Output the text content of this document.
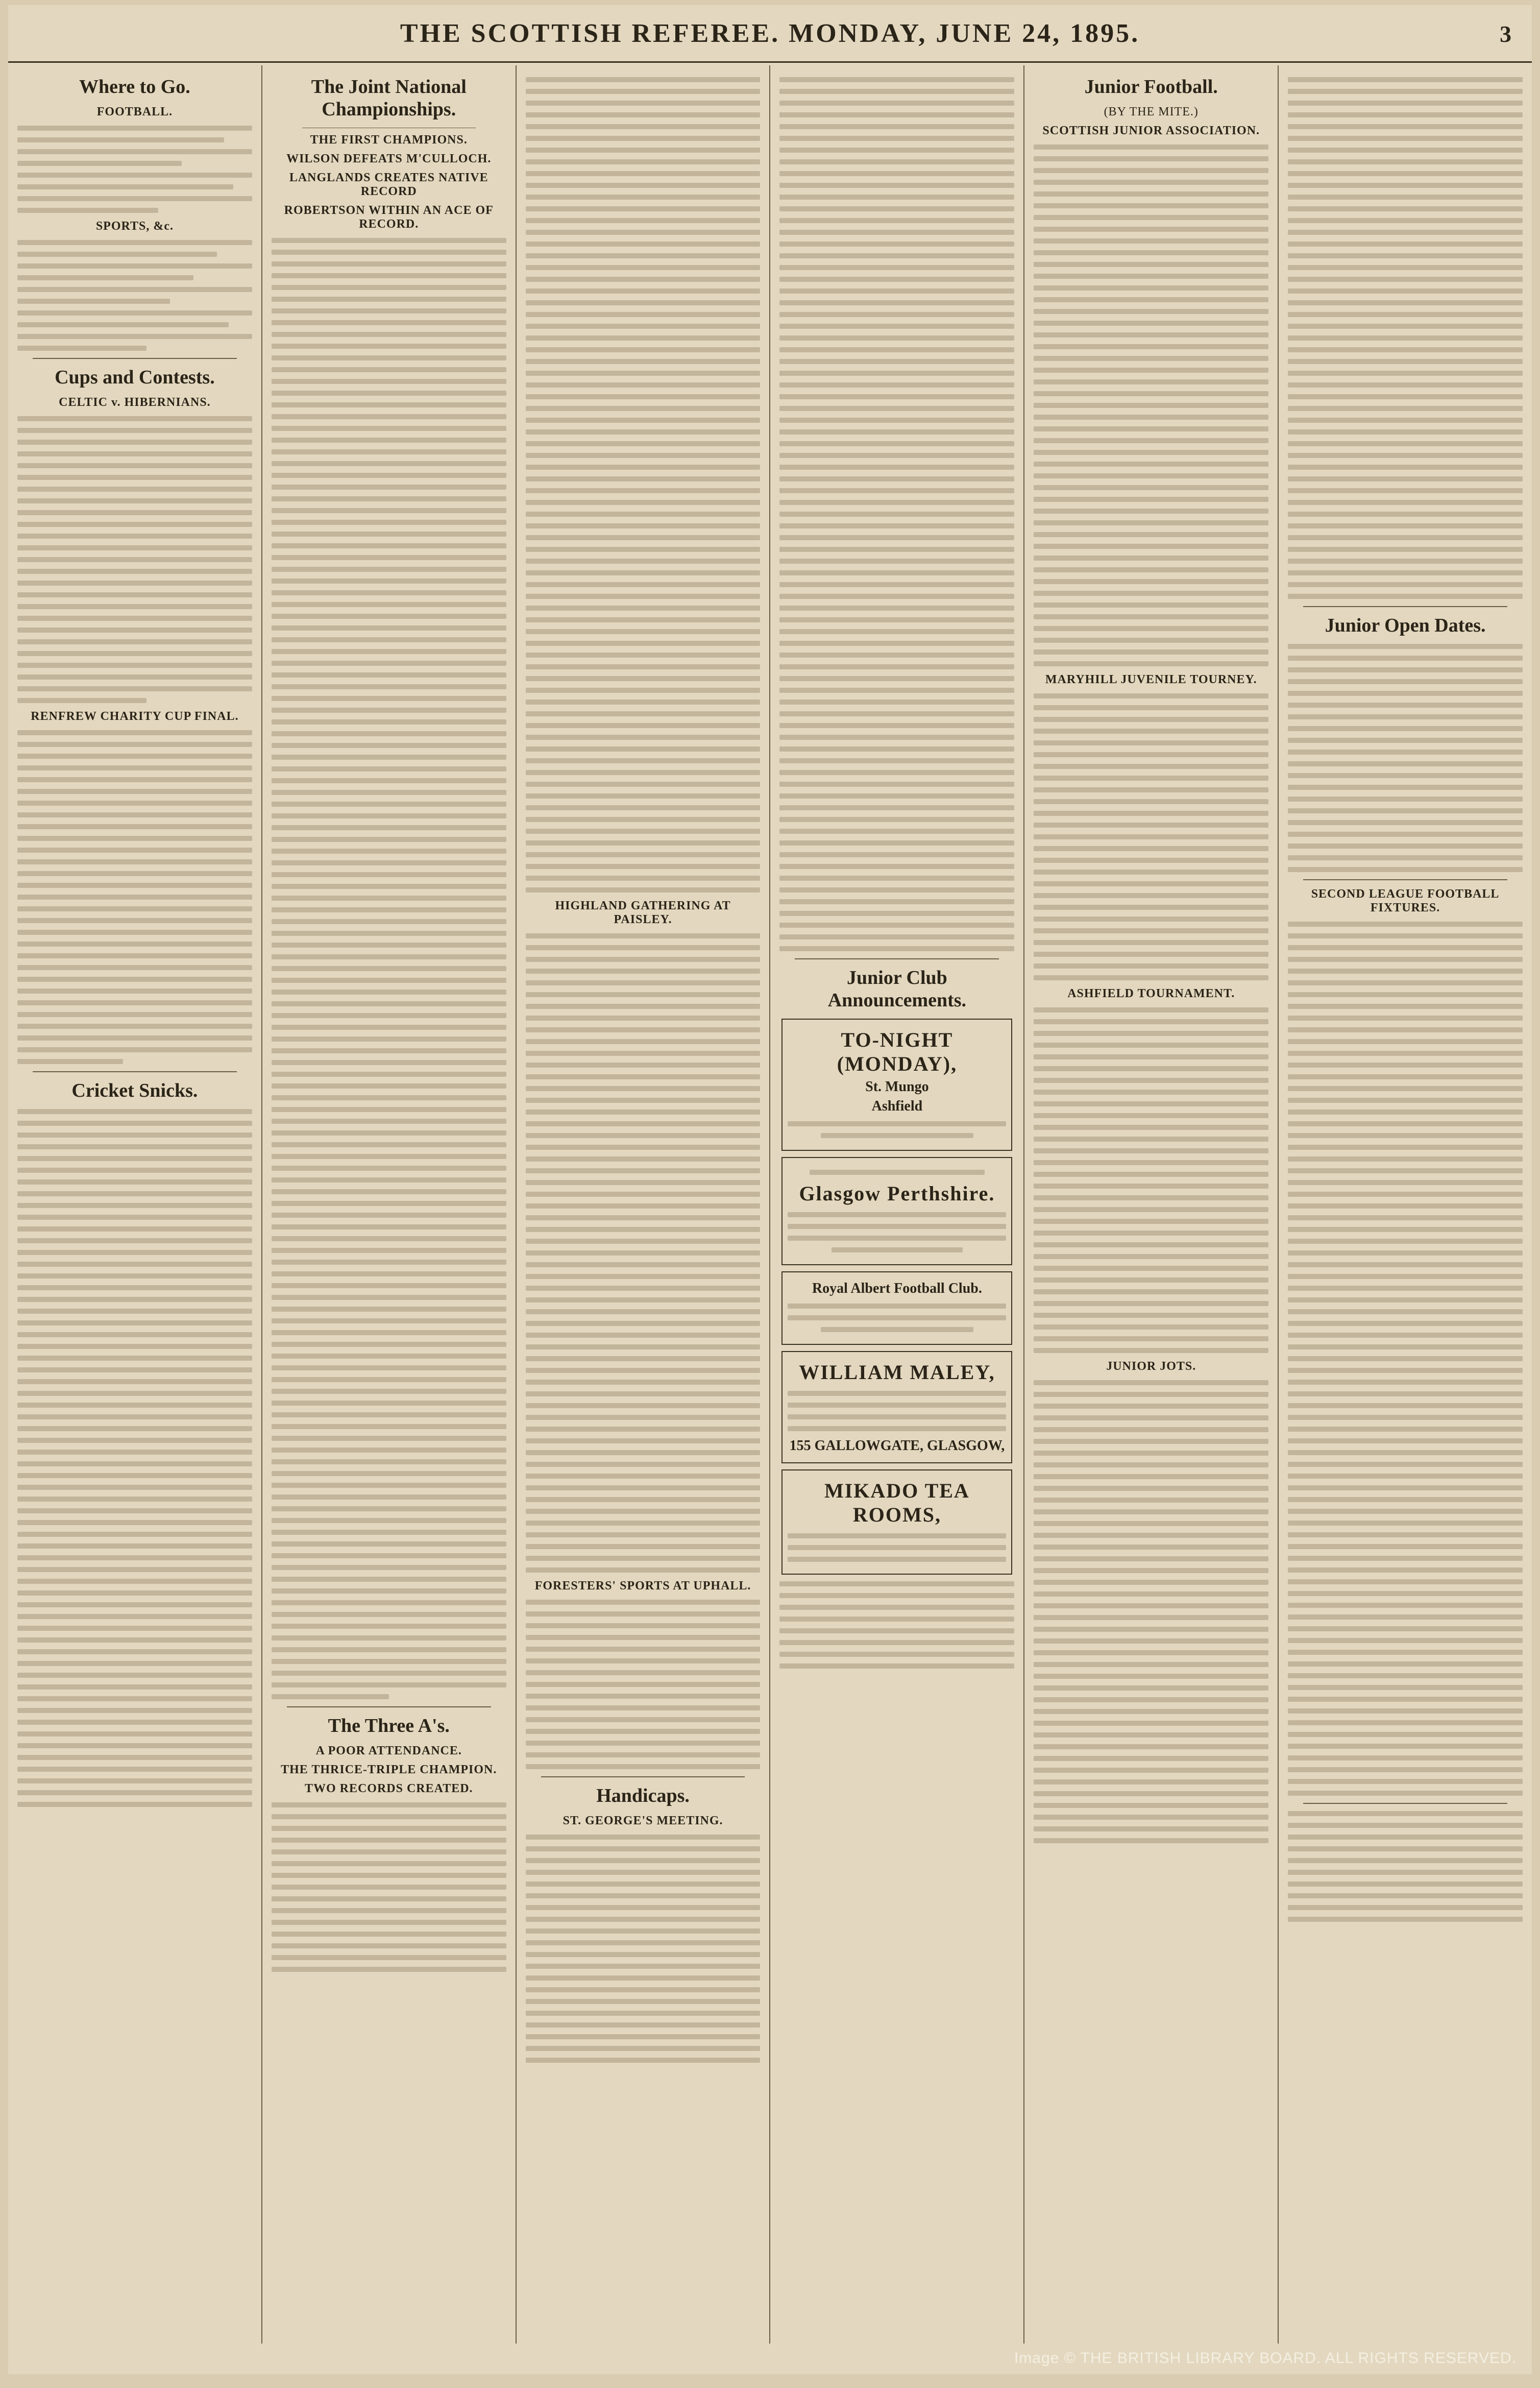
THE SCOTTISH REFEREE. MONDAY, JUNE 24, 1895.	3
Where to Go.
FOOTBALL.
SPORTS, &c.
Cups and Contests.
CELTIC v. HIBERNIANS.
RENFREW CHARITY CUP FINAL.
Cricket Snicks.
The Joint National Championships.
THE FIRST CHAMPIONS.
WILSON DEFEATS M'CULLOCH.
LANGLANDS CREATES NATIVE RECORD
ROBERTSON WITHIN AN ACE OF RECORD.
The Three A's.
A POOR ATTENDANCE.
THE THRICE-TRIPLE CHAMPION.
TWO RECORDS CREATED.
HIGHLAND GATHERING AT PAISLEY.
FORESTERS' SPORTS AT UPHALL.
Handicaps.
ST. GEORGE'S MEETING.
Junior Club Announcements.
TO-NIGHT (MONDAY),
St. Mungo
Ashfield
Glasgow Perthshire.
Royal Albert Football Club.
WILLIAM MALEY,
155 GALLOWGATE, GLASGOW,
MIKADO TEA ROOMS,
Junior Football.
(BY THE MITE.)
SCOTTISH JUNIOR ASSOCIATION.
MARYHILL JUVENILE TOURNEY.
ASHFIELD TOURNAMENT.
JUNIOR JOTS.
Junior Open Dates.
SECOND LEAGUE FOOTBALL FIXTURES.
Image © THE BRITISH LIBRARY BOARD. ALL RIGHTS RESERVED.
